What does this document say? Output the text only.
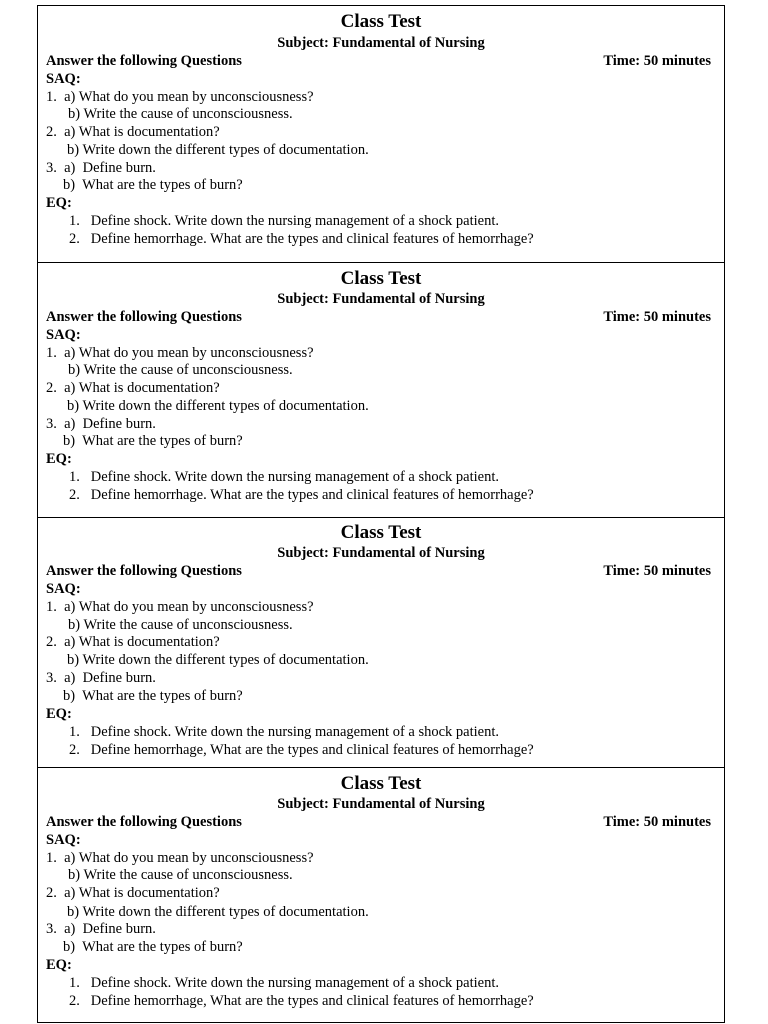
Class Test
Subject: Fundamental of Nursing
Answer the following Questions	Time: 50 minutes
SAQ:
1.  a) What do you mean by unconsciousness?
b) Write the cause of unconsciousness.
2.  a) What is documentation?
b) Write down the different types of documentation.
3.  a)  Define burn.
b)  What are the types of burn?
EQ:
1.   Define shock. Write down the nursing management of a shock patient.
2.   Define hemorrhage. What are the types and clinical features of hemorrhage?
Class Test
Subject: Fundamental of Nursing
Answer the following Questions	Time: 50 minutes
SAQ:
1.  a) What do you mean by unconsciousness?
b) Write the cause of unconsciousness.
2.  a) What is documentation?
b) Write down the different types of documentation.
3.  a)  Define burn.
b)  What are the types of burn?
EQ:
1.   Define shock. Write down the nursing management of a shock patient.
2.   Define hemorrhage. What are the types and clinical features of hemorrhage?
Class Test
Subject: Fundamental of Nursing
Answer the following Questions	Time: 50 minutes
SAQ:
1.  a) What do you mean by unconsciousness?
b) Write the cause of unconsciousness.
2.  a) What is documentation?
b) Write down the different types of documentation.
3.  a)  Define burn.
b)  What are the types of burn?
EQ:
1.   Define shock. Write down the nursing management of a shock patient.
2.   Define hemorrhage, What are the types and clinical features of hemorrhage?
Class Test
Subject: Fundamental of Nursing
Answer the following Questions	Time: 50 minutes
SAQ:
1.  a) What do you mean by unconsciousness?
b) Write the cause of unconsciousness.
2.  a) What is documentation?
b) Write down the different types of documentation.
3.  a)  Define burn.
b)  What are the types of burn?
EQ:
1.   Define shock. Write down the nursing management of a shock patient.
2.   Define hemorrhage, What are the types and clinical features of hemorrhage?
